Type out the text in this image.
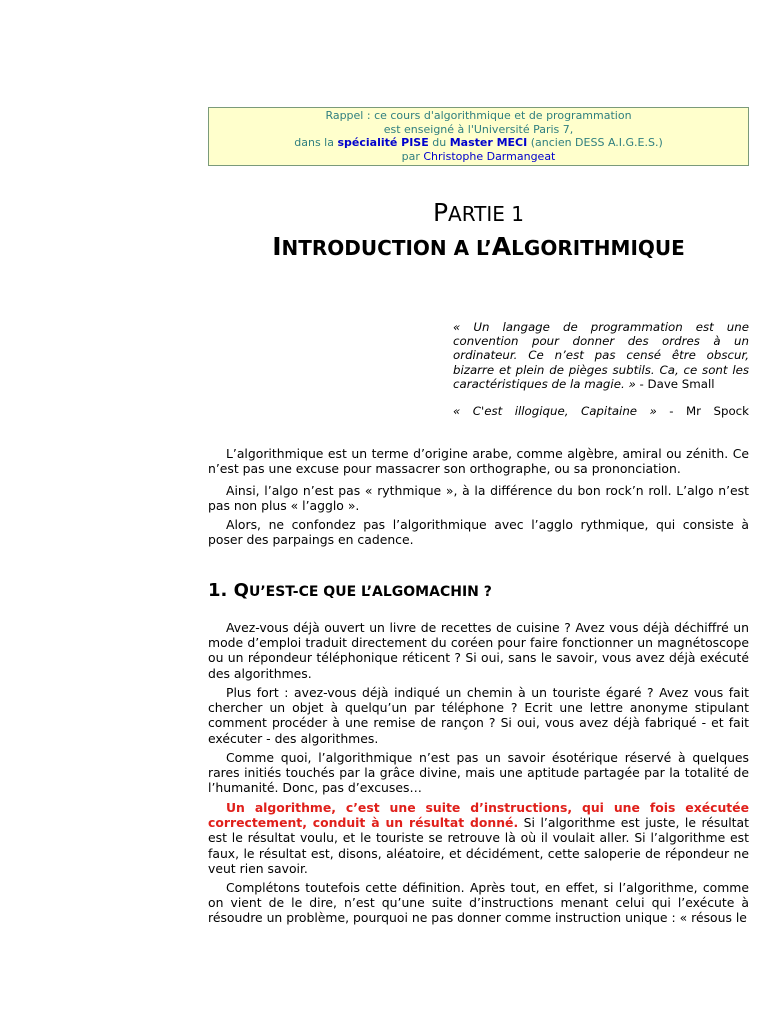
Rappel : ce cours d'algorithmique et de programmation
est enseigné à l'Université Paris 7,
dans la spécialité PISE du Master MECI (ancien DESS A.I.G.E.S.)
par Christophe Darmangeat
PARTIE 1
INTRODUCTION A L’ALGORITHMIQUE
« Un langage de programmation est une convention pour donner des ordres à un ordinateur. Ce n’est pas censé être obscur, bizarre et plein de pièges subtils. Ca, ce sont les caractéristiques de la magie. » - Dave Small
« C'est illogique, Capitaine » - Mr Spock

L’algorithmique est un terme d’origine arabe, comme algèbre, amiral ou zénith. Ce n’est pas une excuse pour massacrer son orthographe, ou sa prononciation.

Ainsi, l’algo n’est pas « rythmique », à la différence du bon rock’n roll. L’algo n’est pas non plus « l’agglo ».

Alors, ne confondez pas l’algorithmique avec l’agglo rythmique, qui consiste à poser des parpaings en cadence.

1. QU’EST-CE QUE L’ALGOMACHIN ?

Avez-vous déjà ouvert un livre de recettes de cuisine ? Avez vous déjà déchiffré un mode d’emploi traduit directement du coréen pour faire fonctionner un magnétoscope ou un répondeur téléphonique réticent ? Si oui, sans le savoir, vous avez déjà exécuté des algorithmes.

Plus fort : avez-vous déjà indiqué un chemin à un touriste égaré ? Avez vous fait chercher un objet à quelqu’un par téléphone ? Ecrit une lettre anonyme stipulant comment procéder à une remise de rançon ? Si oui, vous avez déjà fabriqué - et fait exécuter - des algorithmes.

Comme quoi, l’algorithmique n’est pas un savoir ésotérique réservé à quelques rares initiés touchés par la grâce divine, mais une aptitude partagée par la totalité de l’humanité. Donc, pas d’excuses…

Un algorithme, c’est une suite d’instructions, qui une fois exécutée correctement, conduit à un résultat donné. Si l’algorithme est juste, le résultat est le résultat voulu, et le touriste se retrouve là où il voulait aller. Si l’algorithme est faux, le résultat est, disons, aléatoire, et décidément, cette saloperie de répondeur ne veut rien savoir.

Complétons toutefois cette définition. Après tout, en effet, si l’algorithme, comme on vient de le dire, n’est qu’une suite d’instructions menant celui qui l’exécute à résoudre un problème, pourquoi ne pas donner comme instruction unique : « résous le
